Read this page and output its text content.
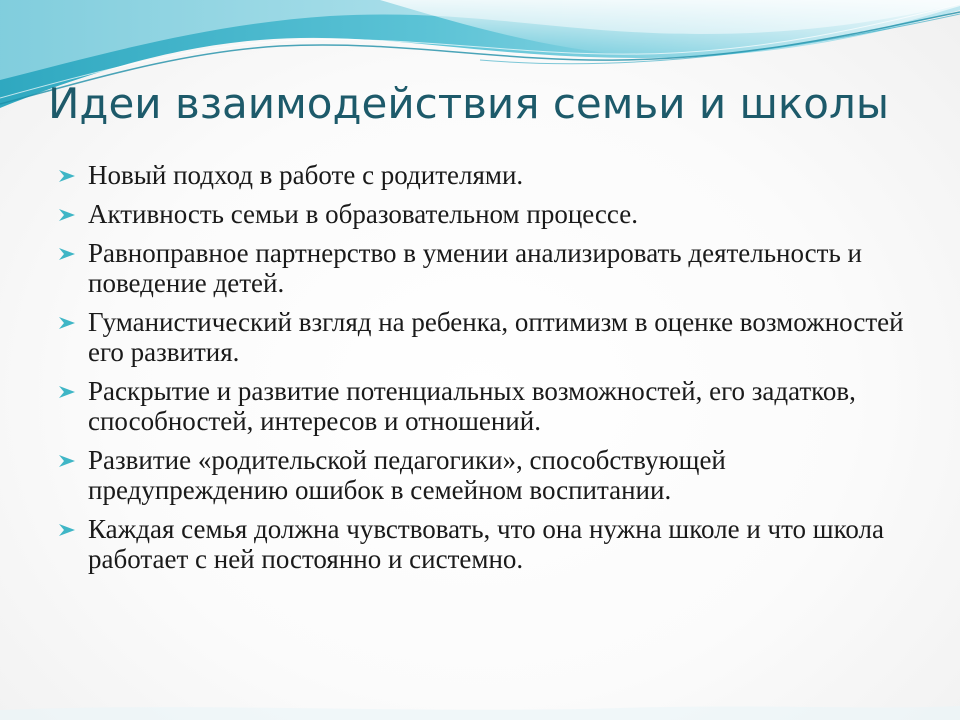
Идеи взаимодействия семьи и школы
Новый подход в работе с родителями.
Активность семьи в образовательном процессе.
Равноправное партнерство в умении анализировать деятельность и поведение детей.
Гуманистический взгляд на ребенка, оптимизм в оценке возможностей его развития.
Раскрытие и развитие потенциальных возможностей, его задатков, способностей, интересов и отношений.
Развитие «родительской педагогики», способствующей предупреждению ошибок в семейном воспитании.
Каждая семья должна чувствовать, что она нужна школе и что школа работает с ней постоянно и системно.
